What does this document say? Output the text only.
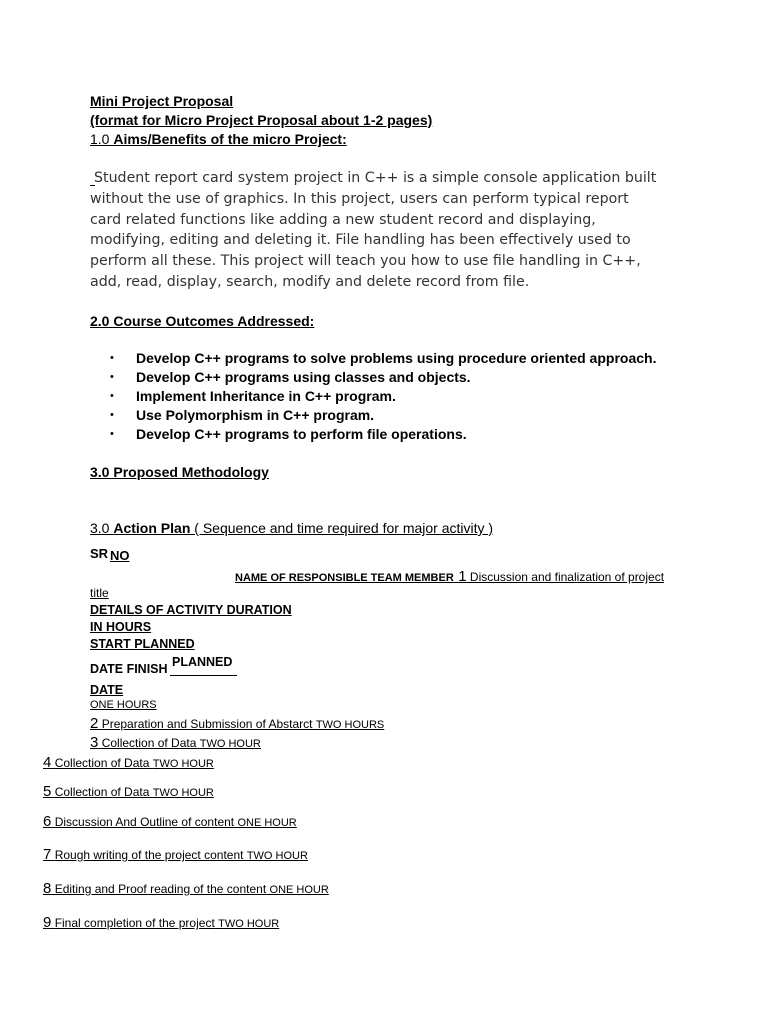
Mini Project Proposal
(format for Micro Project Proposal about 1-2 pages)
1.0 Aims/Benefits of the micro Project:
Student report card system project in C++ is a simple console application built
without the use of graphics. In this project, users can perform typical report
card related functions like adding a new student record and displaying,
modifying, editing and deleting it. File handling has been effectively used to
perform all these. This project will teach you how to use file handling in C++,
add, read, display, search, modify and delete record from file.
2.0 Course Outcomes Addressed:
• Develop C++ programs to solve problems using procedure oriented approach.
• Develop C++ programs using classes and objects.
• Implement Inheritance in C++ program.
• Use Polymorphism in C++ program.
• Develop C++ programs to perform file operations.
3.0 Proposed Methodology
3.0 Action Plan ( Sequence and time required for major activity )
SR NO
NAME OF RESPONSIBLE TEAM MEMBER 1 Discussion and finalization of project
title
DETAILS OF ACTIVITY DURATION
IN HOURS
START PLANNED
DATE FINISH PLANNED
DATE
ONE HOURS
2 Preparation and Submission of Abstarct TWO HOURS
3 Collection of Data TWO HOUR
4 Collection of Data TWO HOUR
5 Collection of Data TWO HOUR
6 Discussion And Outline of content ONE HOUR
7 Rough writing of the project content TWO HOUR
8 Editing and Proof reading of the content ONE HOUR
9 Final completion of the project TWO HOUR
